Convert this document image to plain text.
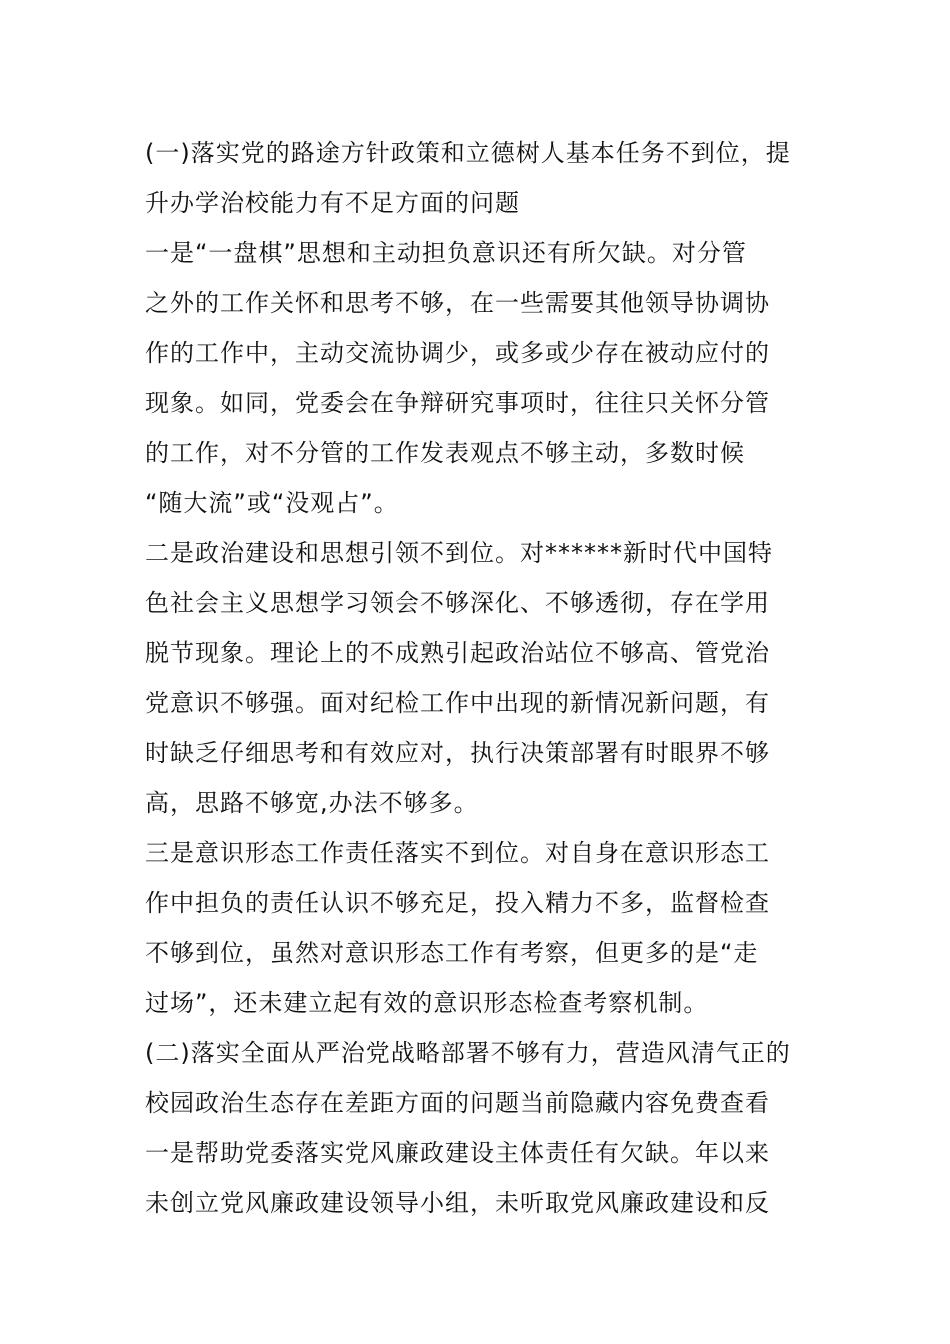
(一)落实党的路途方针政策和立德树人基本任务不到位，提
升办学治校能力有不足方面的问题
一是“一盘棋”思想和主动担负意识还有所欠缺。对分管
之外的工作关怀和思考不够，在一些需要其他领导协调协
作的工作中，主动交流协调少，或多或少存在被动应付的
现象。如同，党委会在争辩研究事项时，往往只关怀分管
的工作，对不分管的工作发表观点不够主动，多数时候
“随大流”或“没观占”。
二是政治建设和思想引领不到位。对******新时代中国特
色社会主义思想学习领会不够深化、不够透彻，存在学用
脱节现象。理论上的不成熟引起政治站位不够高、管党治
党意识不够强。面对纪检工作中出现的新情况新问题，有
时缺乏仔细思考和有效应对，执行决策部署有时眼界不够
高，思路不够宽,办法不够多。
三是意识形态工作责任落实不到位。对自身在意识形态工
作中担负的责任认识不够充足，投入精力不多，监督检查
不够到位，虽然对意识形态工作有考察，但更多的是“走
过场”，还未建立起有效的意识形态检查考察机制。
(二)落实全面从严治党战略部署不够有力，营造风清气正的
校园政治生态存在差距方面的问题当前隐藏内容免费查看
一是帮助党委落实党风廉政建设主体责任有欠缺。年以来
未创立党风廉政建设领导小组，未听取党风廉政建设和反
